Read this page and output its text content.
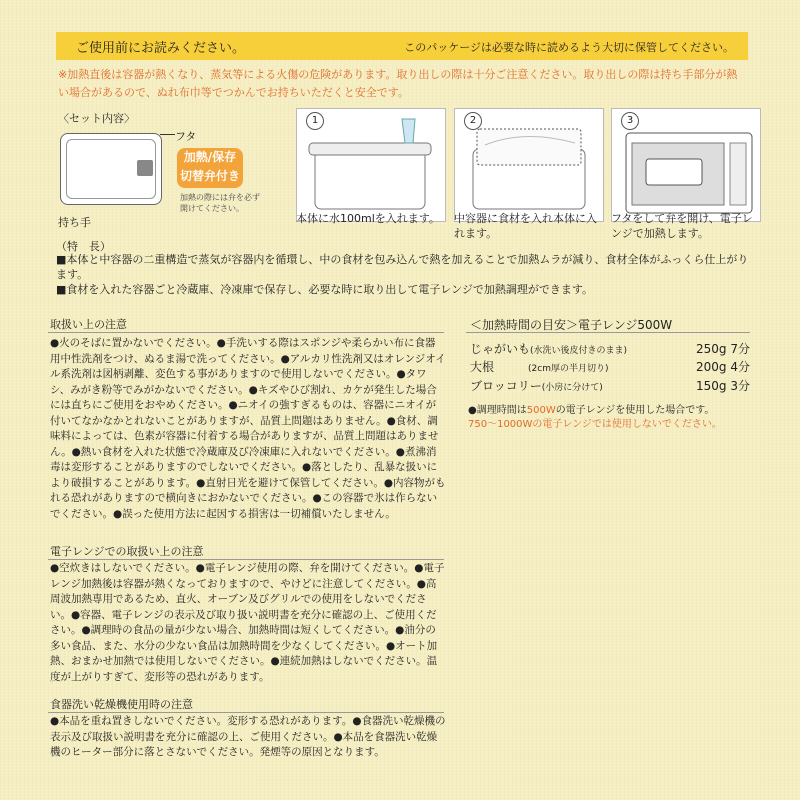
ご使用前にお読みください。	このパッケージは必要な時に読めるよう大切に保管してください。
※加熱直後は容器が熱くなり、蒸気等による火傷の危険があります。取り出しの際は十分ご注意ください。取り出しの際は持ち手部分が熱い場合があるので、ぬれ布巾等でつかんでお持ちいただくと安全です。
〈セット内容〉
フタ
加熱/保存
切替弁付き
加熱の際には弁を必ず
開けてください。
持ち手
1
本体に水100mlを入れます。
2
中容器に食材を入れ本体に入れます。
3
フタをして弁を開け、電子レンジで加熱します。
（特　長）
■本体と中容器の二重構造で蒸気が容器内を循環し、中の食材を包み込んで熱を加えることで加熱ムラが減り、食材全体がふっくら仕上がります。
■食材を入れた容器ごと冷蔵庫、冷凍庫で保存し、必要な時に取り出して電子レンジで加熱調理ができます。
取扱い上の注意
●火のそばに置かないでください。●手洗いする際はスポンジや柔らかい布に食器用中性洗剤をつけ、ぬるま湯で洗ってください。●アルカリ性洗剤又はオレンジオイル系洗剤は図柄剥離、変色する事がありますので使用しないでください。●タワシ、みがき粉等でみがかないでください。●キズやひび割れ、カケが発生した場合には直ちにご使用をおやめください。●ニオイの強すぎるものは、容器にニオイが付いてなかなかとれないことがありますが、品質上問題はありません。●食材、調味料によっては、色素が容器に付着する場合がありますが、品質上問題はありません。●熱い食材を入れた状態で冷蔵庫及び冷凍庫に入れないでください。●煮沸消毒は変形することがありますのでしないでください。●落としたり、乱暴な扱いにより破損することがあります。●直射日光を避けて保管してください。●内容物がもれる恐れがありますので横向きにおかないでください。●この容器で氷は作らないでください。●誤った使用方法に起因する損害は一切補償いたしません。
電子レンジでの取扱い上の注意
●空炊きはしないでください。●電子レンジ使用の際、弁を開けてください。●電子レンジ加熱後は容器が熱くなっておりますので、やけどに注意してください。●高周波加熱専用であるため、直火、オーブン及びグリルでの使用をしないでください。●容器、電子レンジの表示及び取り扱い説明書を充分に確認の上、ご使用ください。●調理時の食品の量が少ない場合、加熱時間は短くしてください。●油分の多い食品、また、水分の少ない食品は加熱時間を少なくしてください。●オート加熱、おまかせ加熱では使用しないでください。●連続加熱はしないでください。温度が上がりすぎて、変形等の恐れがあります。
食器洗い乾燥機使用時の注意
●本品を重ね置きしないでください。変形する恐れがあります。●食器洗い乾燥機の表示及び取扱い説明書を充分に確認の上、ご使用ください。●本品を食器洗い乾燥機のヒーター部分に落とさないでください。発煙等の原因となります。
＜加熱時間の目安＞電子レンジ500W
じゃがいも(水洗い後皮付きのまま)	250g 7分
大根	(2cm厚の半月切り)	200g 4分
ブロッコリー(小房に分けて)	150g 3分
●調理時間は500Wの電子レンジを使用した場合です。
750～1000Wの電子レンジでは使用しないでください。
